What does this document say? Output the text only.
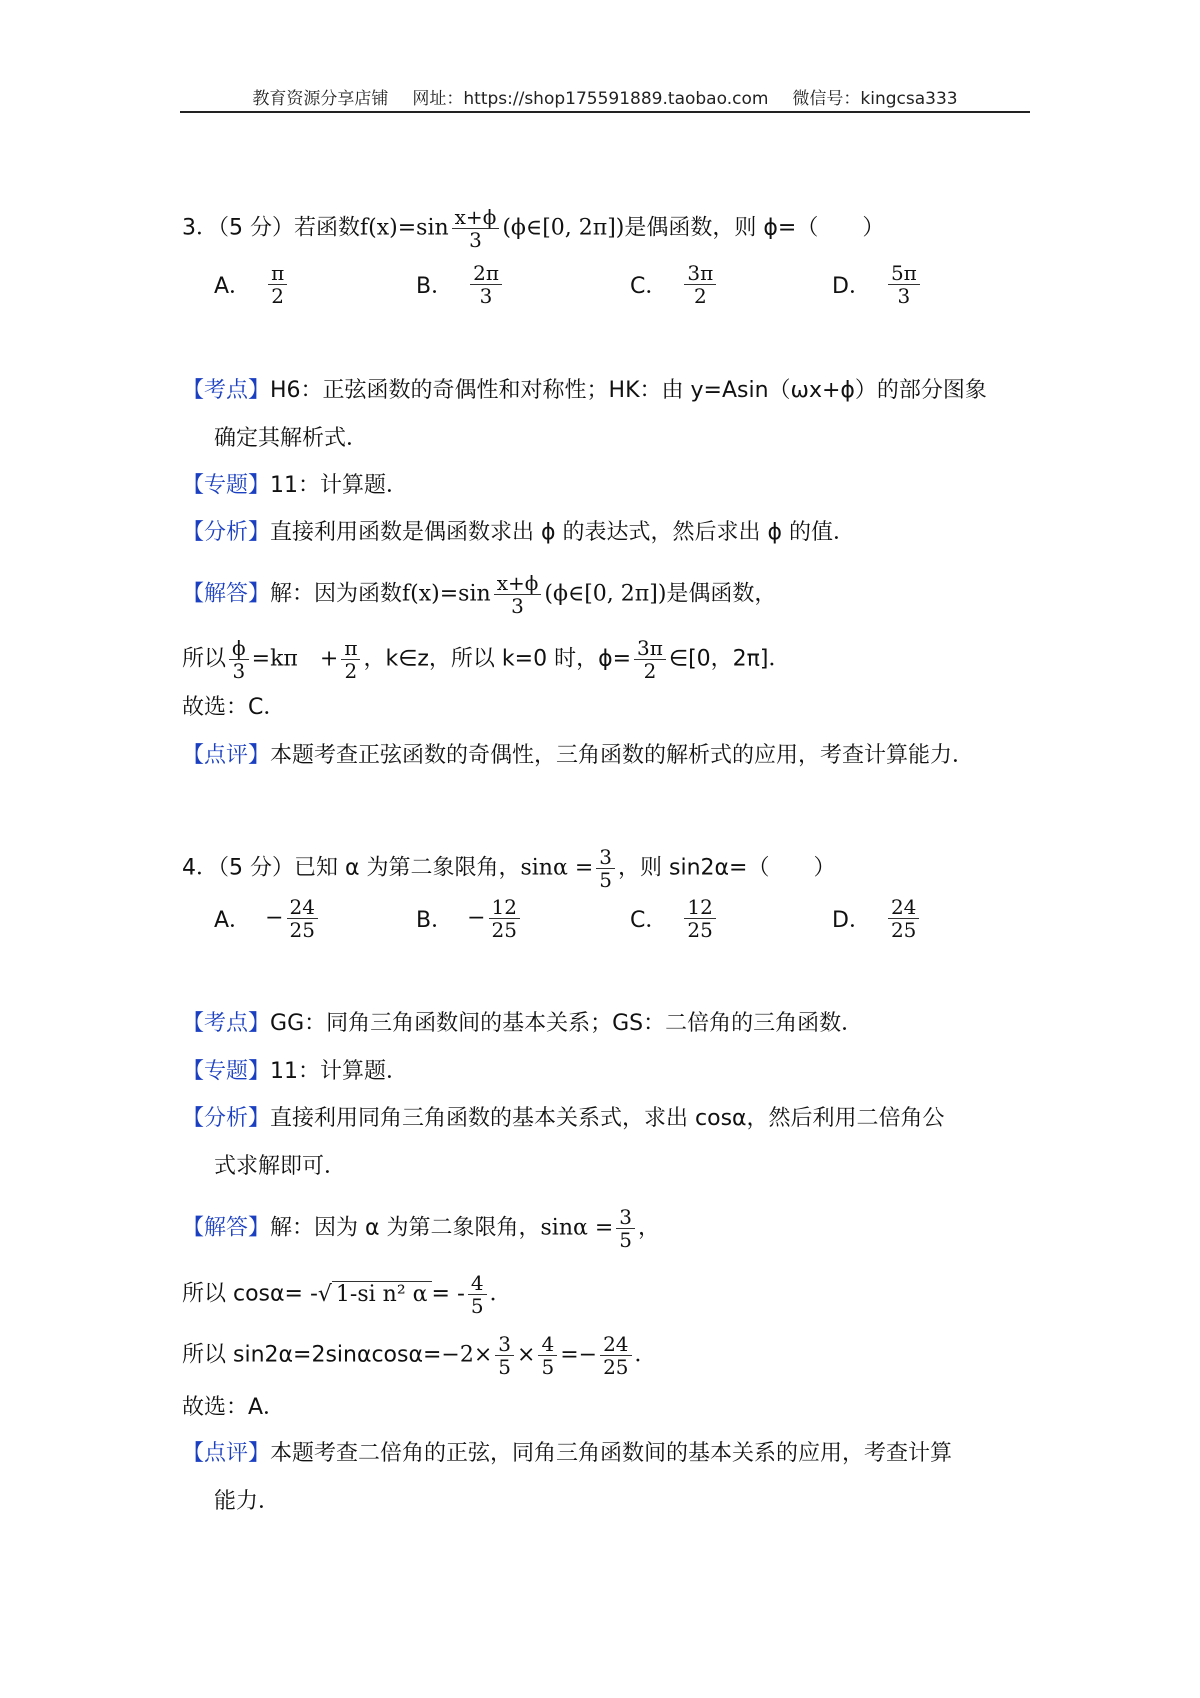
教育资源分享店铺 网址：https://shop175591889.taobao.com 微信号：kingcsa333
3．（5 分）若函数$f(x)=\sin \frac{x+\phi}{3}$ (ϕ∈[0, 2π])是偶函数，则 ϕ=（　　）
A． $\frac{\pi}{2}$	B． $\frac{2\pi}{3}$	C． $\frac{3\pi}{2}$	D． $\frac{5\pi}{3}$
【考点】H6：正弦函数的奇偶性和对称性；HK：由 y=Asin（ωx+ϕ）的部分图象
确定其解析式．
【专题】11：计算题．
【分析】直接利用函数是偶函数求出 ϕ 的表达式，然后求出 ϕ 的值．
【解答】解：因为函数$f(x)=\sin \frac{x+\phi}{3}$ (ϕ∈[0, 2π])是偶函数，
所以 $\frac{\phi}{3} =k\pi$　+ $\frac{\pi}{2}$ ，k∈z，所以 k=0 时，$\phi= \frac{3\pi}{2}$ ∈[0，2π]．
故选：C．
【点评】本题考查正弦函数的奇偶性，三角函数的解析式的应用，考查计算能力．
4．（5 分）已知 α 为第二象限角，$\sin\alpha = \frac{3}{5}$ ，则 sin2α=（　　）
A． − $\frac{24}{25}$	B． − $\frac{12}{25}$	C． $\frac{12}{25}$	D． $\frac{24}{25}$
【考点】GG：同角三角函数间的基本关系；GS：二倍角的三角函数．
【专题】11：计算题．
【分析】直接利用同角三角函数的基本关系式，求出 cosα，然后利用二倍角公
式求解即可．
【解答】解：因为 α 为第二象限角，$\sin\alpha = \frac{3}{5}$ ，
所以 cosα= -√ 1-si n² α = - $\frac{4}{5}$ ．
所以 $\sin 2\alpha=2\sin\alpha\cos\alpha=-2\times \frac{3}{5} \times \frac{4}{5} =- \frac{24}{25}$ ．
故选：A．
【点评】本题考查二倍角的正弦，同角三角函数间的基本关系的应用，考查计算
能力．
